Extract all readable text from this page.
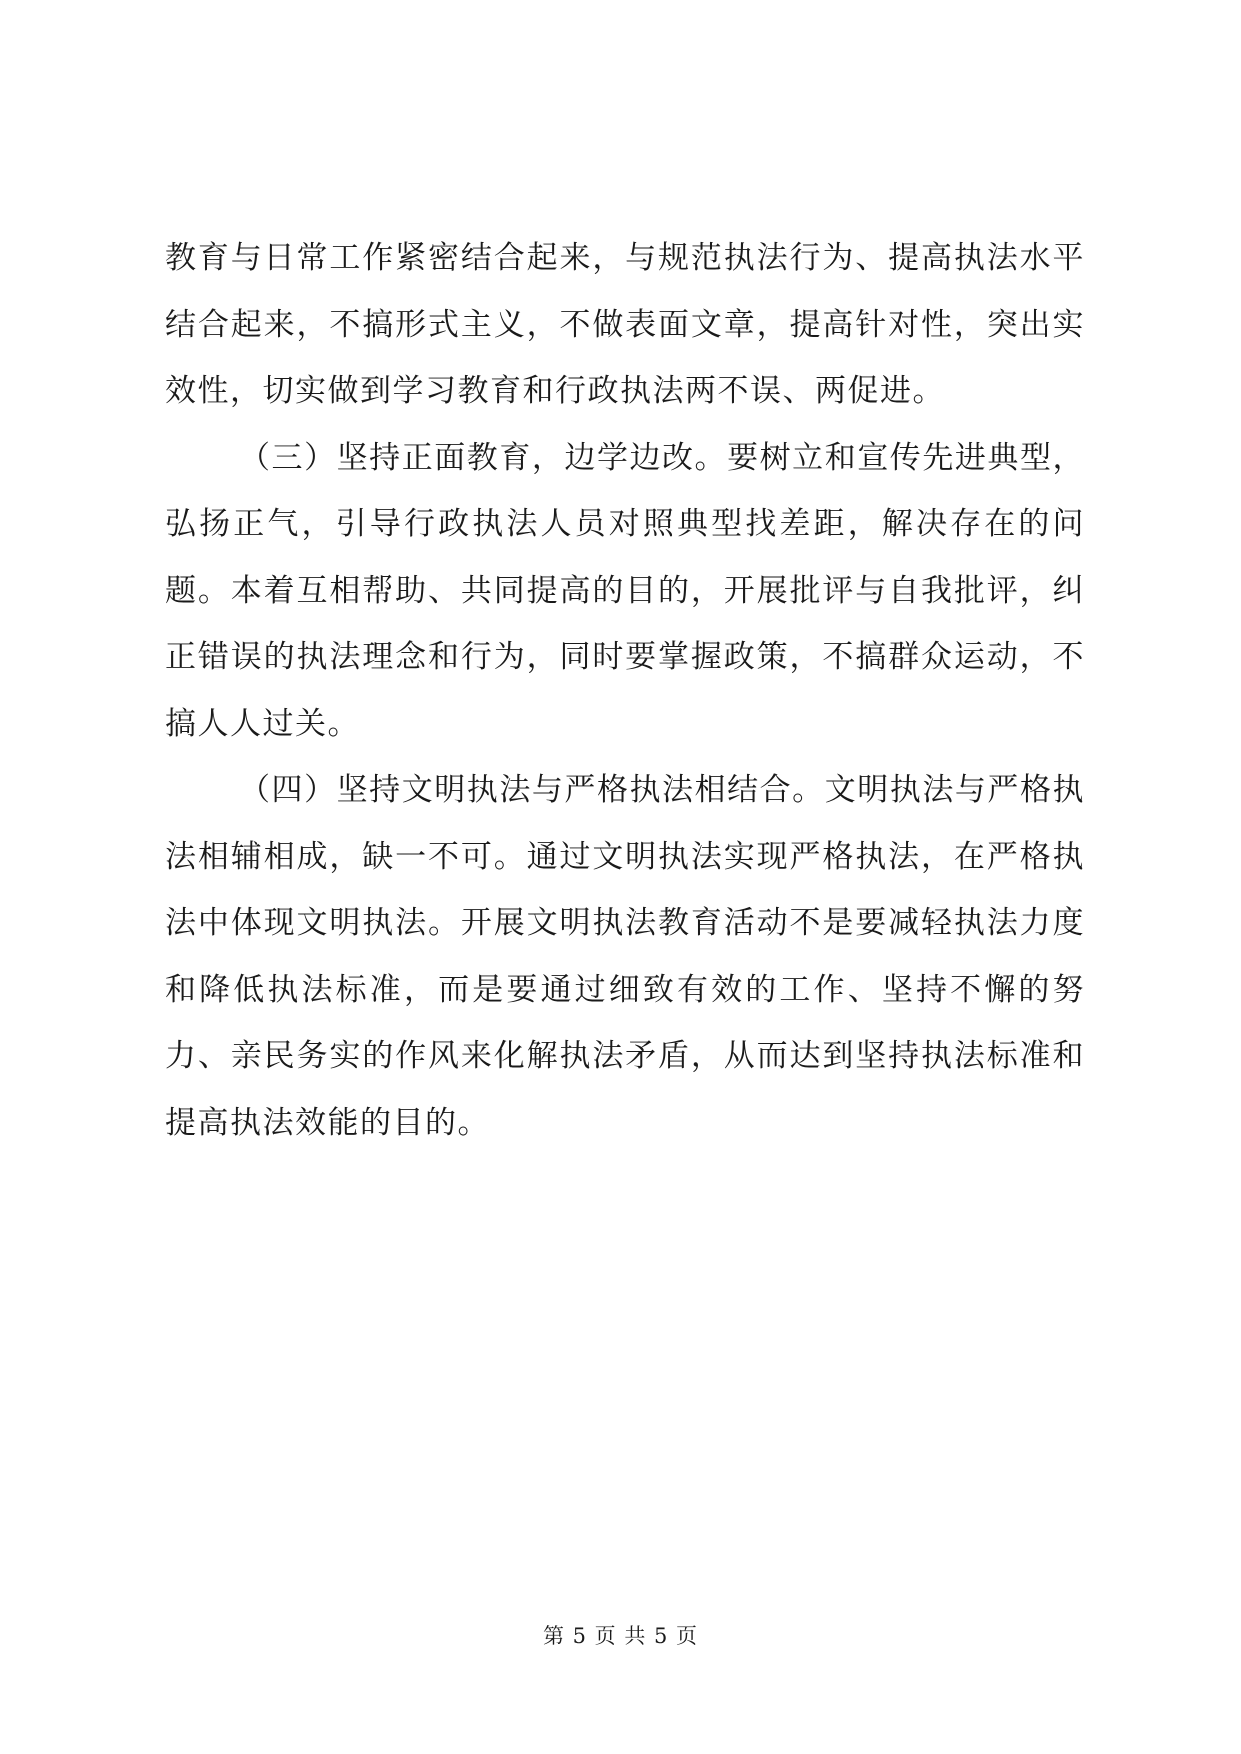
教育与日常工作紧密结合起来，与规范执法行为、提高执法水平结合起来，不搞形式主义，不做表面文章，提高针对性，突出实效性，切实做到学习教育和行政执法两不误、两促进。

（三）坚持正面教育，边学边改。要树立和宣传先进典型，弘扬正气，引导行政执法人员对照典型找差距，解决存在的问题。本着互相帮助、共同提高的目的，开展批评与自我批评，纠正错误的执法理念和行为，同时要掌握政策，不搞群众运动，不搞人人过关。

（四）坚持文明执法与严格执法相结合。文明执法与严格执法相辅相成，缺一不可。通过文明执法实现严格执法，在严格执法中体现文明执法。开展文明执法教育活动不是要减轻执法力度和降低执法标准，而是要通过细致有效的工作、坚持不懈的努力、亲民务实的作风来化解执法矛盾，从而达到坚持执法标准和提高执法效能的目的。

第 5 页 共 5 页
